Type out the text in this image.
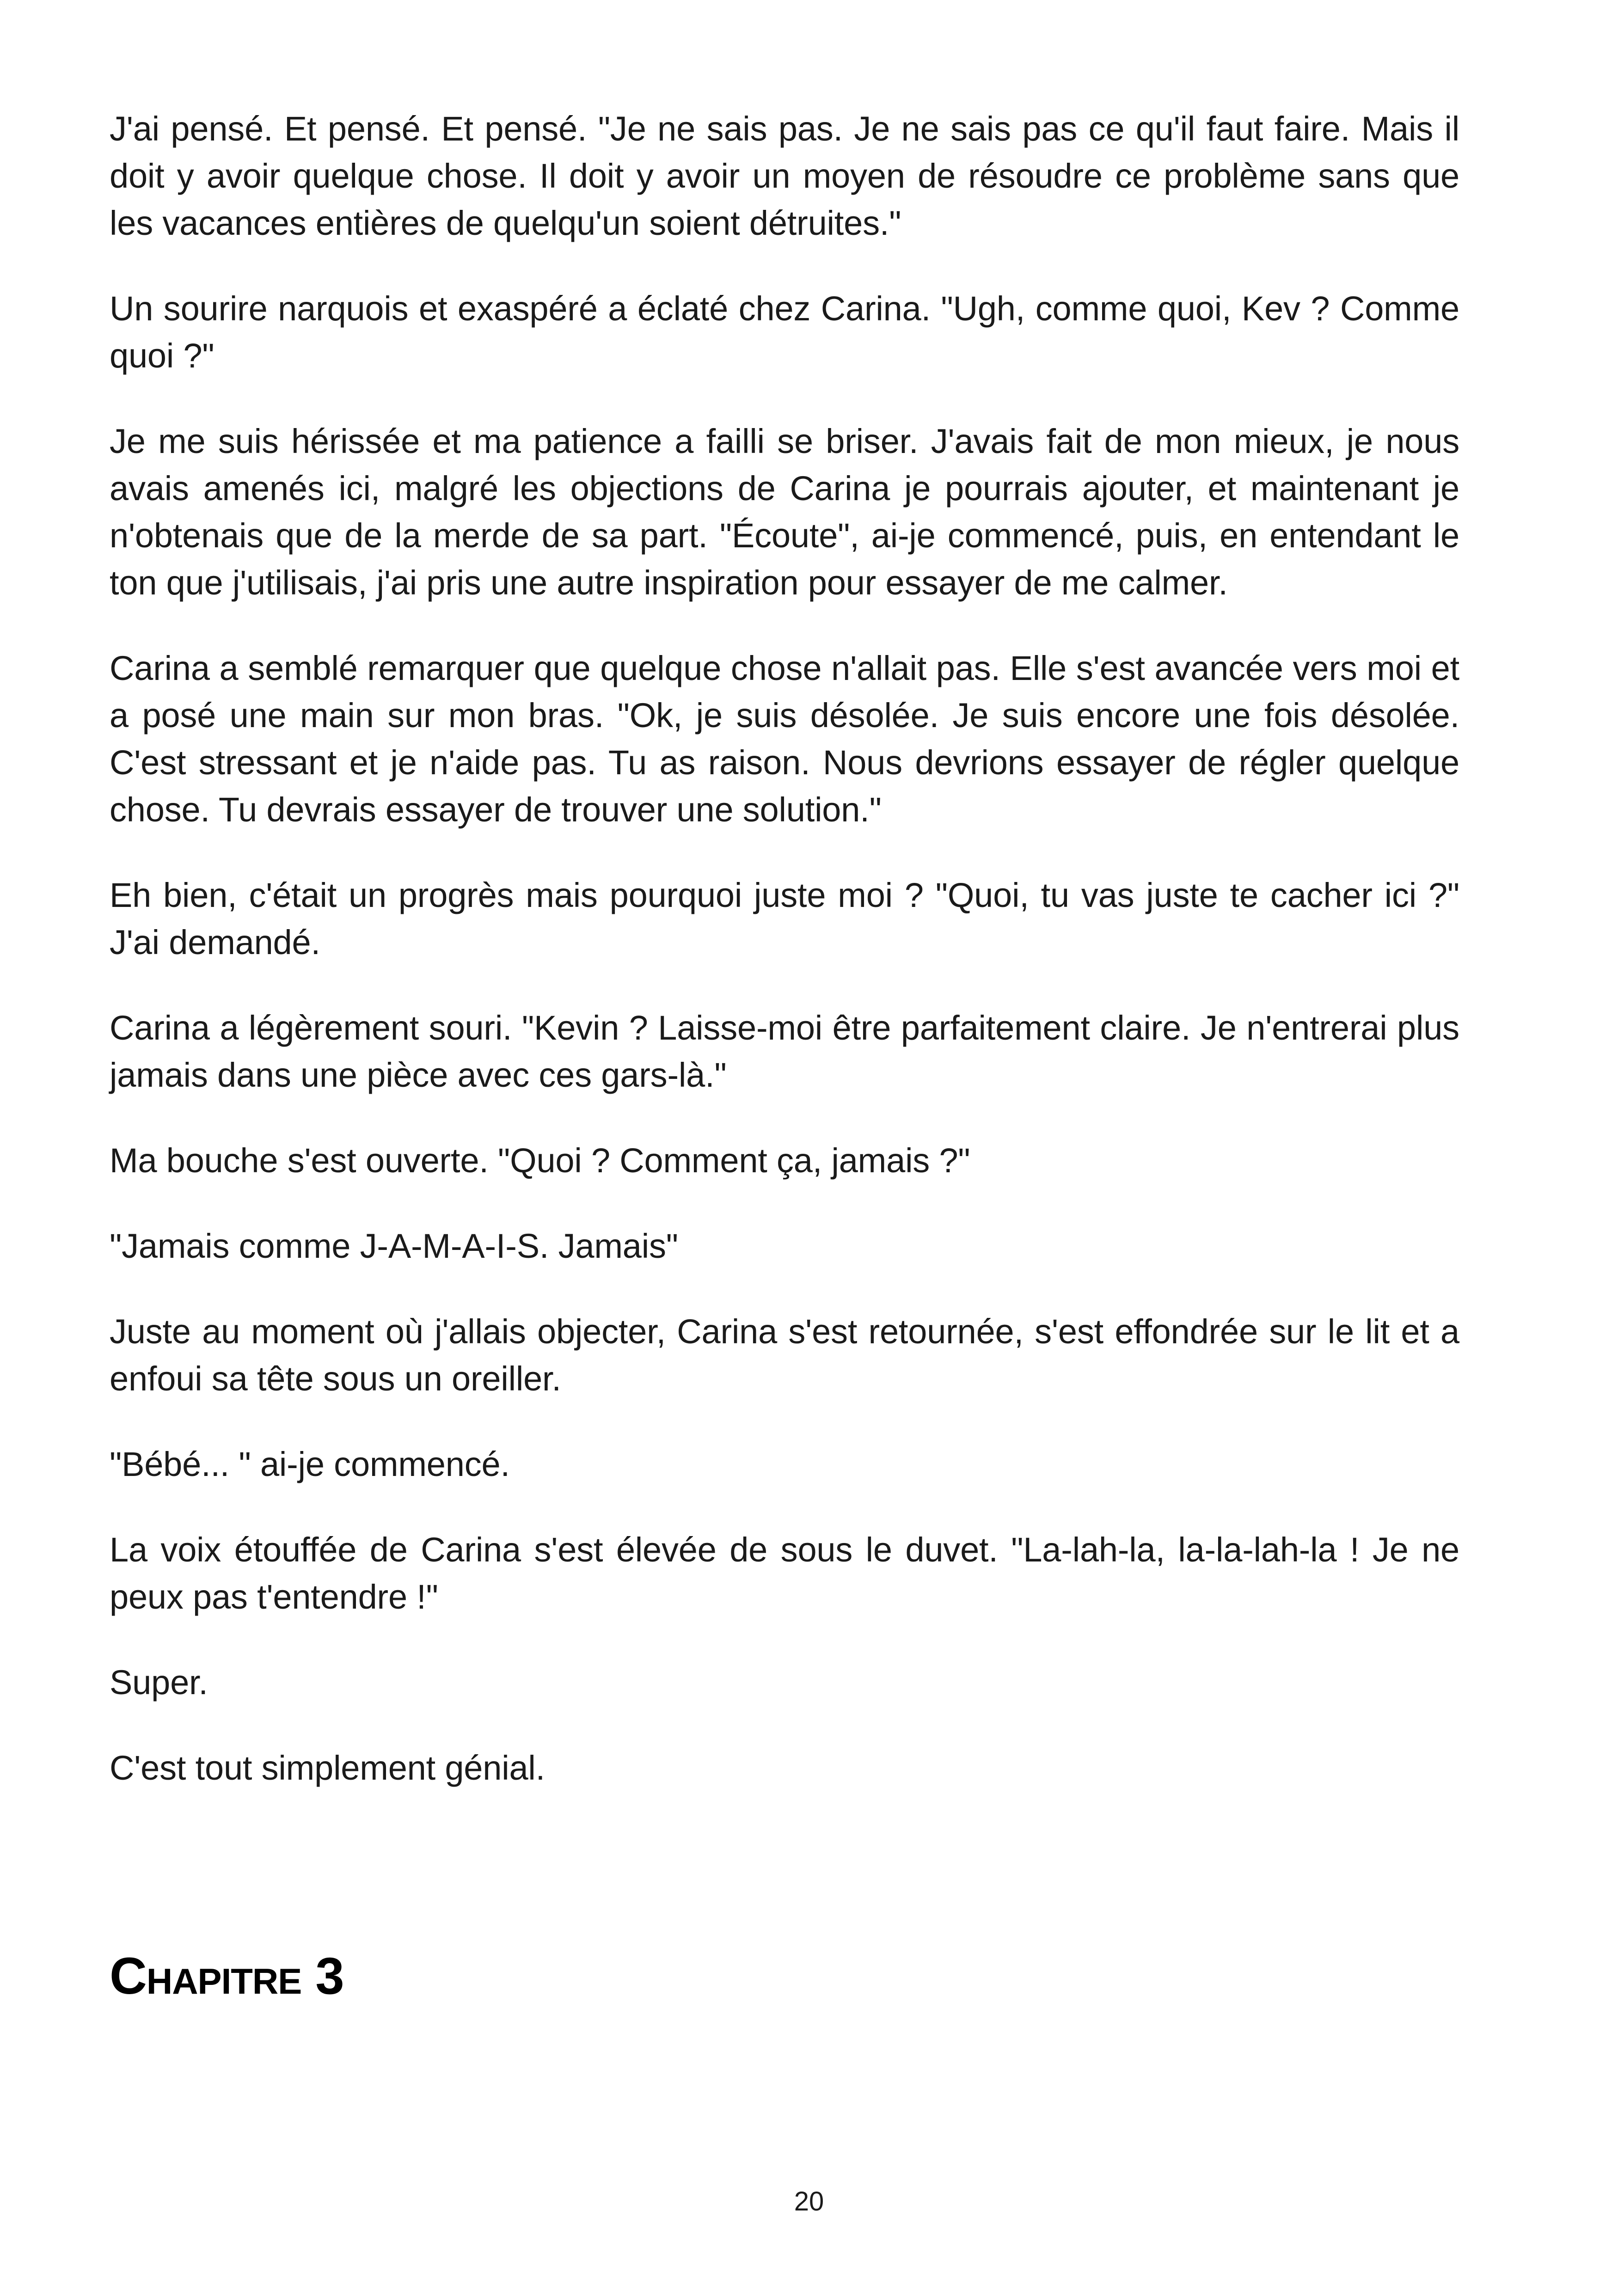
J'ai pensé. Et pensé. Et pensé. "Je ne sais pas. Je ne sais pas ce qu'il faut faire. Mais il doit y avoir quelque chose. Il doit y avoir un moyen de résoudre ce problème sans que les vacances entières de quelqu'un soient détruites."

Un sourire narquois et exaspéré a éclaté chez Carina. "Ugh, comme quoi, Kev ? Comme quoi ?"

Je me suis hérissée et ma patience a failli se briser. J'avais fait de mon mieux, je nous avais amenés ici, malgré les objections de Carina je pourrais ajouter, et maintenant je n'obtenais que de la merde de sa part. "Écoute", ai-je commencé, puis, en entendant le ton que j'utilisais, j'ai pris une autre inspiration pour essayer de me calmer.

Carina a semblé remarquer que quelque chose n'allait pas. Elle s'est avancée vers moi et a posé une main sur mon bras. "Ok, je suis désolée. Je suis encore une fois désolée. C'est stressant et je n'aide pas. Tu as raison. Nous devrions essayer de régler quelque chose. Tu devrais essayer de trouver une solution."

Eh bien, c'était un progrès mais pourquoi juste moi ? "Quoi, tu vas juste te cacher ici ?" J'ai demandé.

Carina a légèrement souri. "Kevin ? Laisse-moi être parfaitement claire. Je n'entrerai plus jamais dans une pièce avec ces gars-là."

Ma bouche s'est ouverte. "Quoi ? Comment ça, jamais ?"

"Jamais comme J-A-M-A-I-S. Jamais"

Juste au moment où j'allais objecter, Carina s'est retournée, s'est effondrée sur le lit et a enfoui sa tête sous un oreiller.

"Bébé... " ai-je commencé.

La voix étouffée de Carina s'est élevée de sous le duvet. "La-lah-la, la-la-lah-la ! Je ne peux pas t'entendre !"

Super.

C'est tout simplement génial.

Chapitre 3
20
